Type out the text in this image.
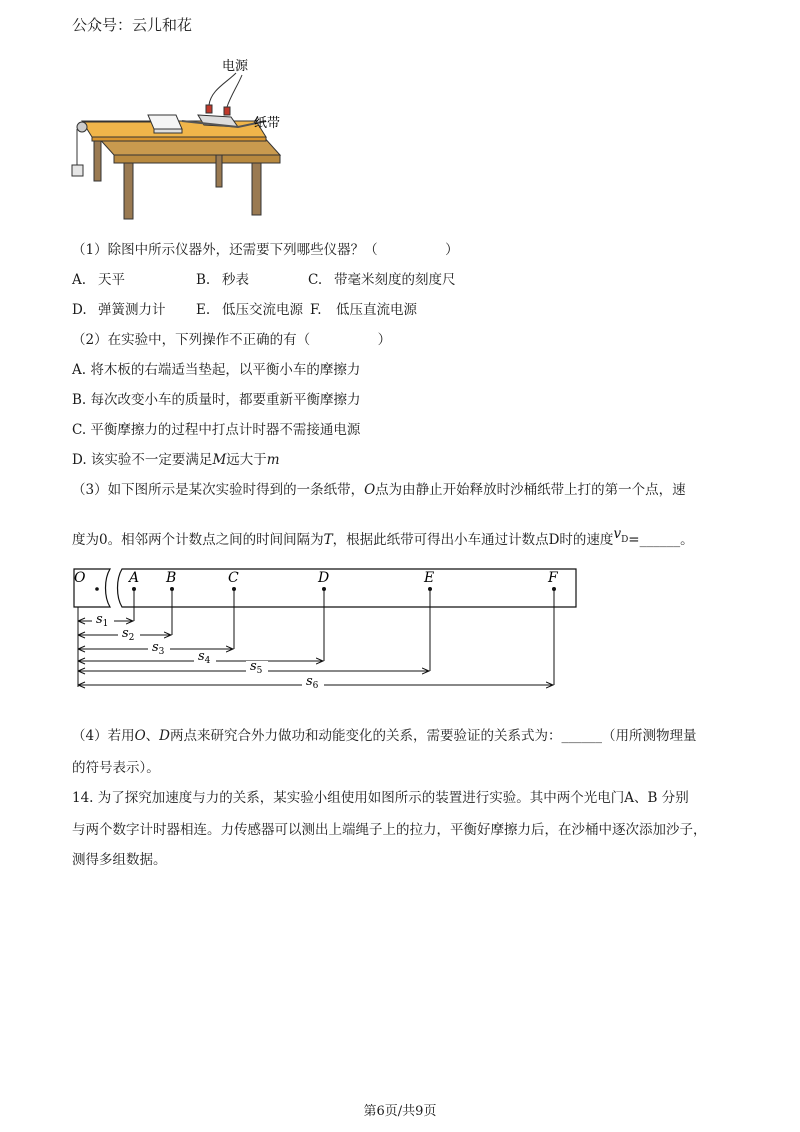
公众号：云儿和花
电源
纸带
（1）除图中所示仪器外，还需要下列哪些仪器？（　　　　　）
A. 天平	B. 秒表	C. 带毫米刻度的刻度尺
D. 弹簧测力计 E. 低压交流电源 F. 低压直流电源
（2）在实验中，下列操作不正确的有（　　　　　）
A. 将木板的右端适当垫起，以平衡小车的摩擦力
B. 每次改变小车的质量时，都要重新平衡摩擦力
C. 平衡摩擦力的过程中打点计时器不需接通电源
D. 该实验不一定要满足M远大于m
（3）如下图所示是某次实验时得到的一条纸带，O点为由静止开始释放时沙桶纸带上打的第一个点，速
度为0。相邻两个计数点之间的时间间隔为T，根据此纸带可得出小车通过计数点D时的速度$v_D=\_\_\_\_\_\_$。
O	A B	C	D	E	F
$s_1$
$s_2$
$s_3$	$s_4$	$s_5$
$s_6$
（4）若用O、D两点来研究合外力做功和动能变化的关系，需要验证的关系式为：______（用所测物理量
的符号表示）。
14. 为了探究加速度与力的关系，某实验小组使用如图所示的装置进行实验。其中两个光电门A、B 分别
与两个数字计时器相连。力传感器可以测出上端绳子上的拉力，平衡好摩擦力后，在沙桶中逐次添加沙子，
测得多组数据。
第6页/共9页
